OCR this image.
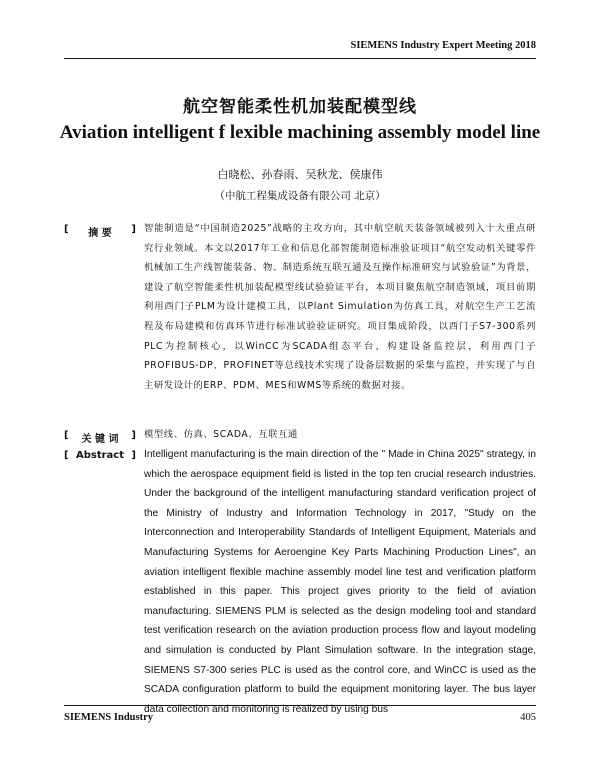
SIEMENS Industry Expert Meeting 2018
航空智能柔性机加装配模型线
Aviation intelligent f lexible machining assembly model line
白晓松、孙春雨、吴秋龙、侯康伟
（中航工程集成设备有限公司 北京）
[ 摘 要 ] 智能制造是“中国制造2025”战略的主攻方向，其中航空航天装备领域被列入十大重点研究行业领域。本文以2017年工业和信息化部智能制造标准验证项目“航空发动机关键零件机械加工生产线智能装备、物、制造系统互联互通及互操作标准研究与试验验证”为背景，建设了航空智能柔性机加装配模型线试验验证平台，本项目聚焦航空制造领域，项目前期利用西门子PLM为设计建模工具，以Plant Simulation为仿真工具，对航空生产工艺流程及布局建模和仿真环节进行标准试验验证研究。项目集成阶段，以西门子S7-300系列PLC为控制核心，以WinCC为SCADA组态平台，构建设备监控层，利用西门子PROFIBUS-DP、PROFINET等总线技术实现了设备层数据的采集与监控，并实现了与自主研发设计的ERP、PDM、MES和WMS等系统的数据对接。
[ 关 键 词 ] 模型线、仿真、SCADA、互联互通
[ Abstract ] Intelligent manufacturing is the main direction of the " Made in China 2025" strategy, in which the aerospace equipment field is listed in the top ten crucial research industries. Under the background of the intelligent manufacturing standard verification project of the Ministry of Industry and Information Technology in 2017, "Study on the Interconnection and Interoperability Standards of Intelligent Equipment, Materials and Manufacturing Systems for Aeroengine Key Parts Machining Production Lines", an aviation intelligent flexible machine assembly model line test and verification platform established in this paper. This project gives priority to the field of aviation manufacturing. SIEMENS PLM is selected as the design modeling tool and standard test verification research on the aviation production process flow and layout modeling and simulation is conducted by Plant Simulation software. In the integration stage, SIEMENS S7-300 series PLC is used as the control core, and WinCC is used as the SCADA configuration platform to build the equipment monitoring layer. The bus layer data collection and monitoring is realized by using bus
SIEMENS Industry	405
